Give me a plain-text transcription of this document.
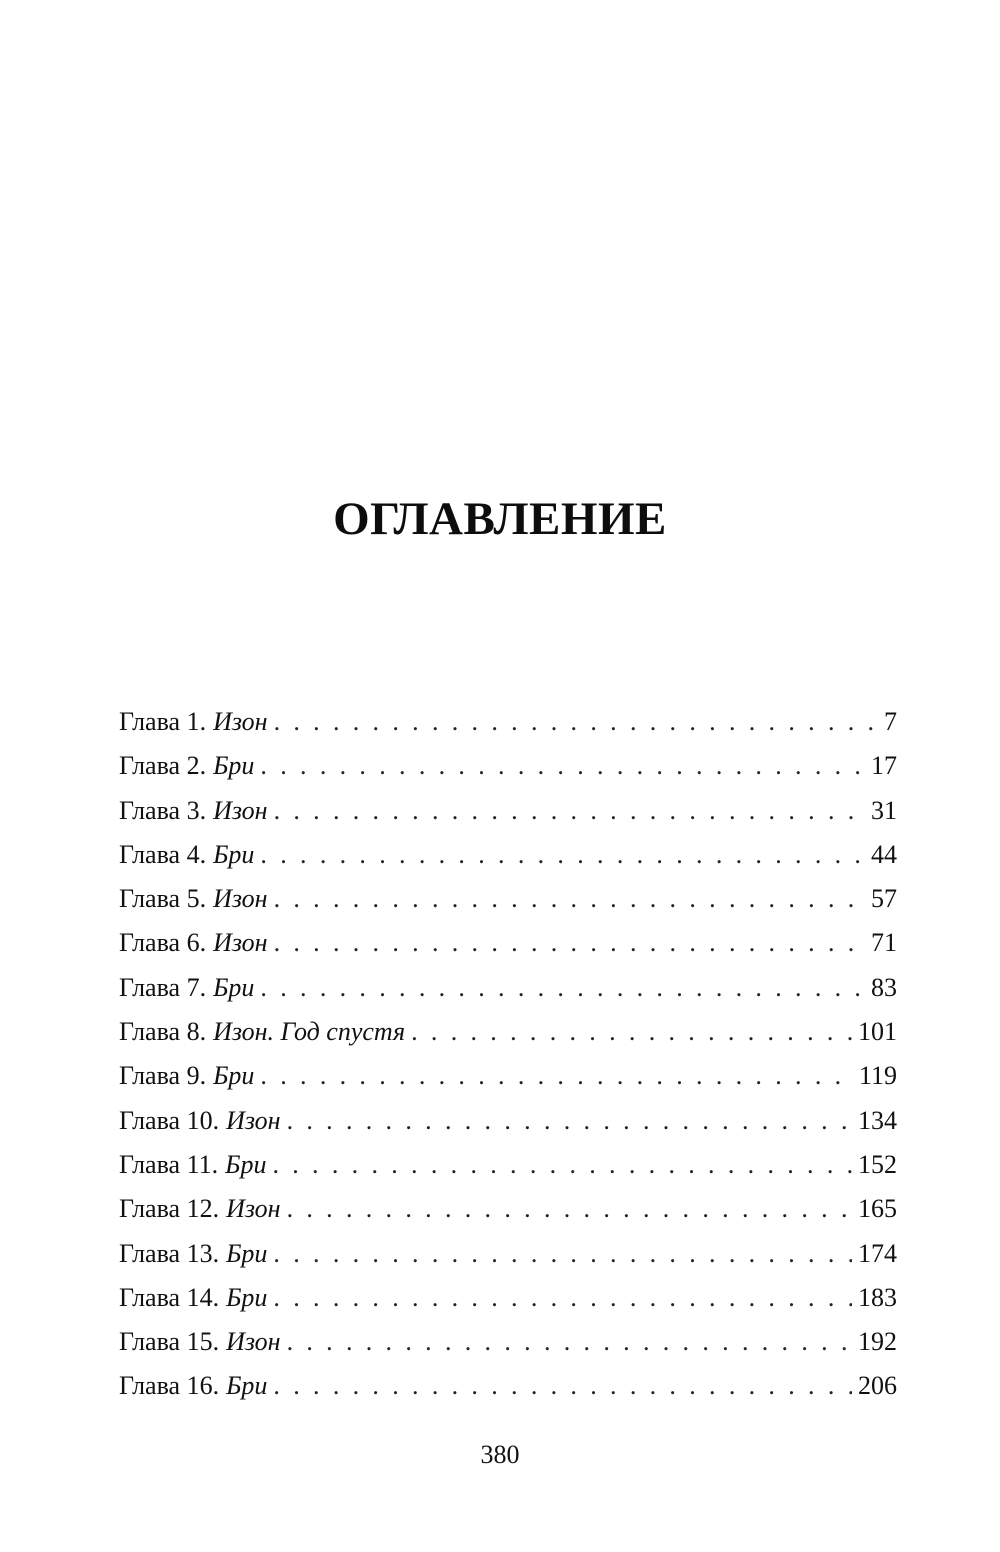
ОГЛАВЛЕНИЕ
Глава 1. Изон . . .	7
Глава 2. Бри . . .	17
Глава 3. Изон . . .	31
Глава 4. Бри . . .	44
Глава 5. Изон . . .	57
Глава 6. Изон . . .	71
Глава 7. Бри . . .	83
Глава 8. Изон. Год спустя . . .	101
Глава 9. Бри . . .	119
Глава 10. Изон . . .	134
Глава 11. Бри . . .	152
Глава 12. Изон . . .	165
Глава 13. Бри . . .	174
Глава 14. Бри . . .	183
Глава 15. Изон . . .	192
Глава 16. Бри . . .	206
380
